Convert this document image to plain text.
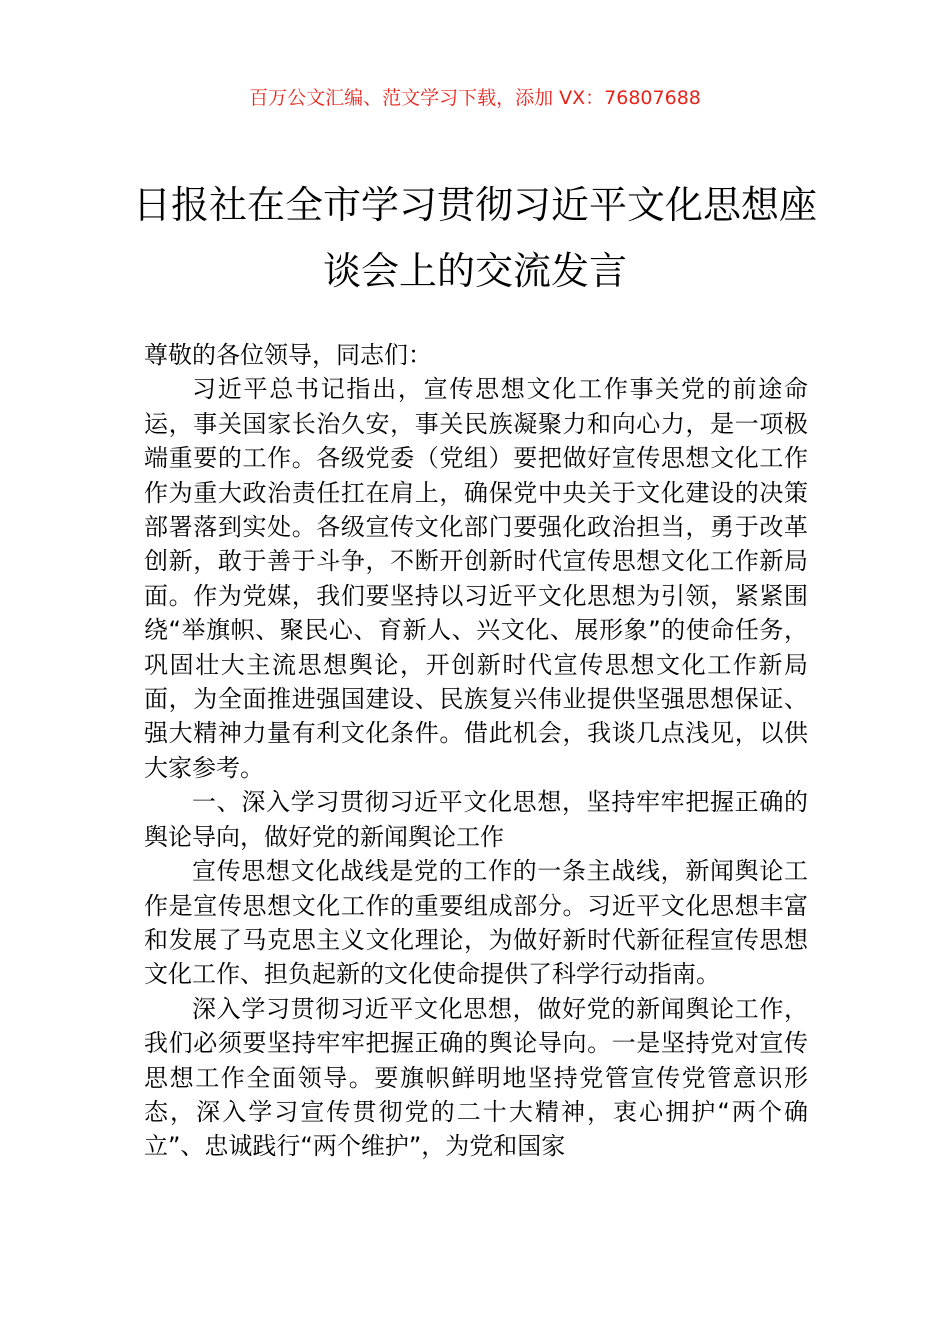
百万公文汇编、范文学习下载，添加 VX：76807688
日报社在全市学习贯彻习近平文化思想座
谈会上的交流发言

尊敬的各位领导，同志们：

习近平总书记指出，宣传思想文化工作事关党的前途命运，事关国家长治久安，事关民族凝聚力和向心力，是一项极端重要的工作。各级党委（党组）要把做好宣传思想文化工作作为重大政治责任扛在肩上，确保党中央关于文化建设的决策部署落到实处。各级宣传文化部门要强化政治担当，勇于改革创新，敢于善于斗争，不断开创新时代宣传思想文化工作新局面。作为党媒，我们要坚持以习近平文化思想为引领，紧紧围绕“举旗帜、聚民心、育新人、兴文化、展形象”的使命任务，巩固壮大主流思想舆论，开创新时代宣传思想文化工作新局面，为全面推进强国建设、民族复兴伟业提供坚强思想保证、强大精神力量有利文化条件。借此机会，我谈几点浅见，以供大家参考。

一、深入学习贯彻习近平文化思想，坚持牢牢把握正确的舆论导向，做好党的新闻舆论工作

宣传思想文化战线是党的工作的一条主战线，新闻舆论工作是宣传思想文化工作的重要组成部分。习近平文化思想丰富和发展了马克思主义文化理论，为做好新时代新征程宣传思想文化工作、担负起新的文化使命提供了科学行动指南。

深入学习贯彻习近平文化思想，做好党的新闻舆论工作，我们必须要坚持牢牢把握正确的舆论导向。一是坚持党对宣传思想工作全面领导。要旗帜鲜明地坚持党管宣传党管意识形态，深入学习宣传贯彻党的二十大精神，衷心拥护“两个确立”、忠诚践行“两个维护”，为党和国家
